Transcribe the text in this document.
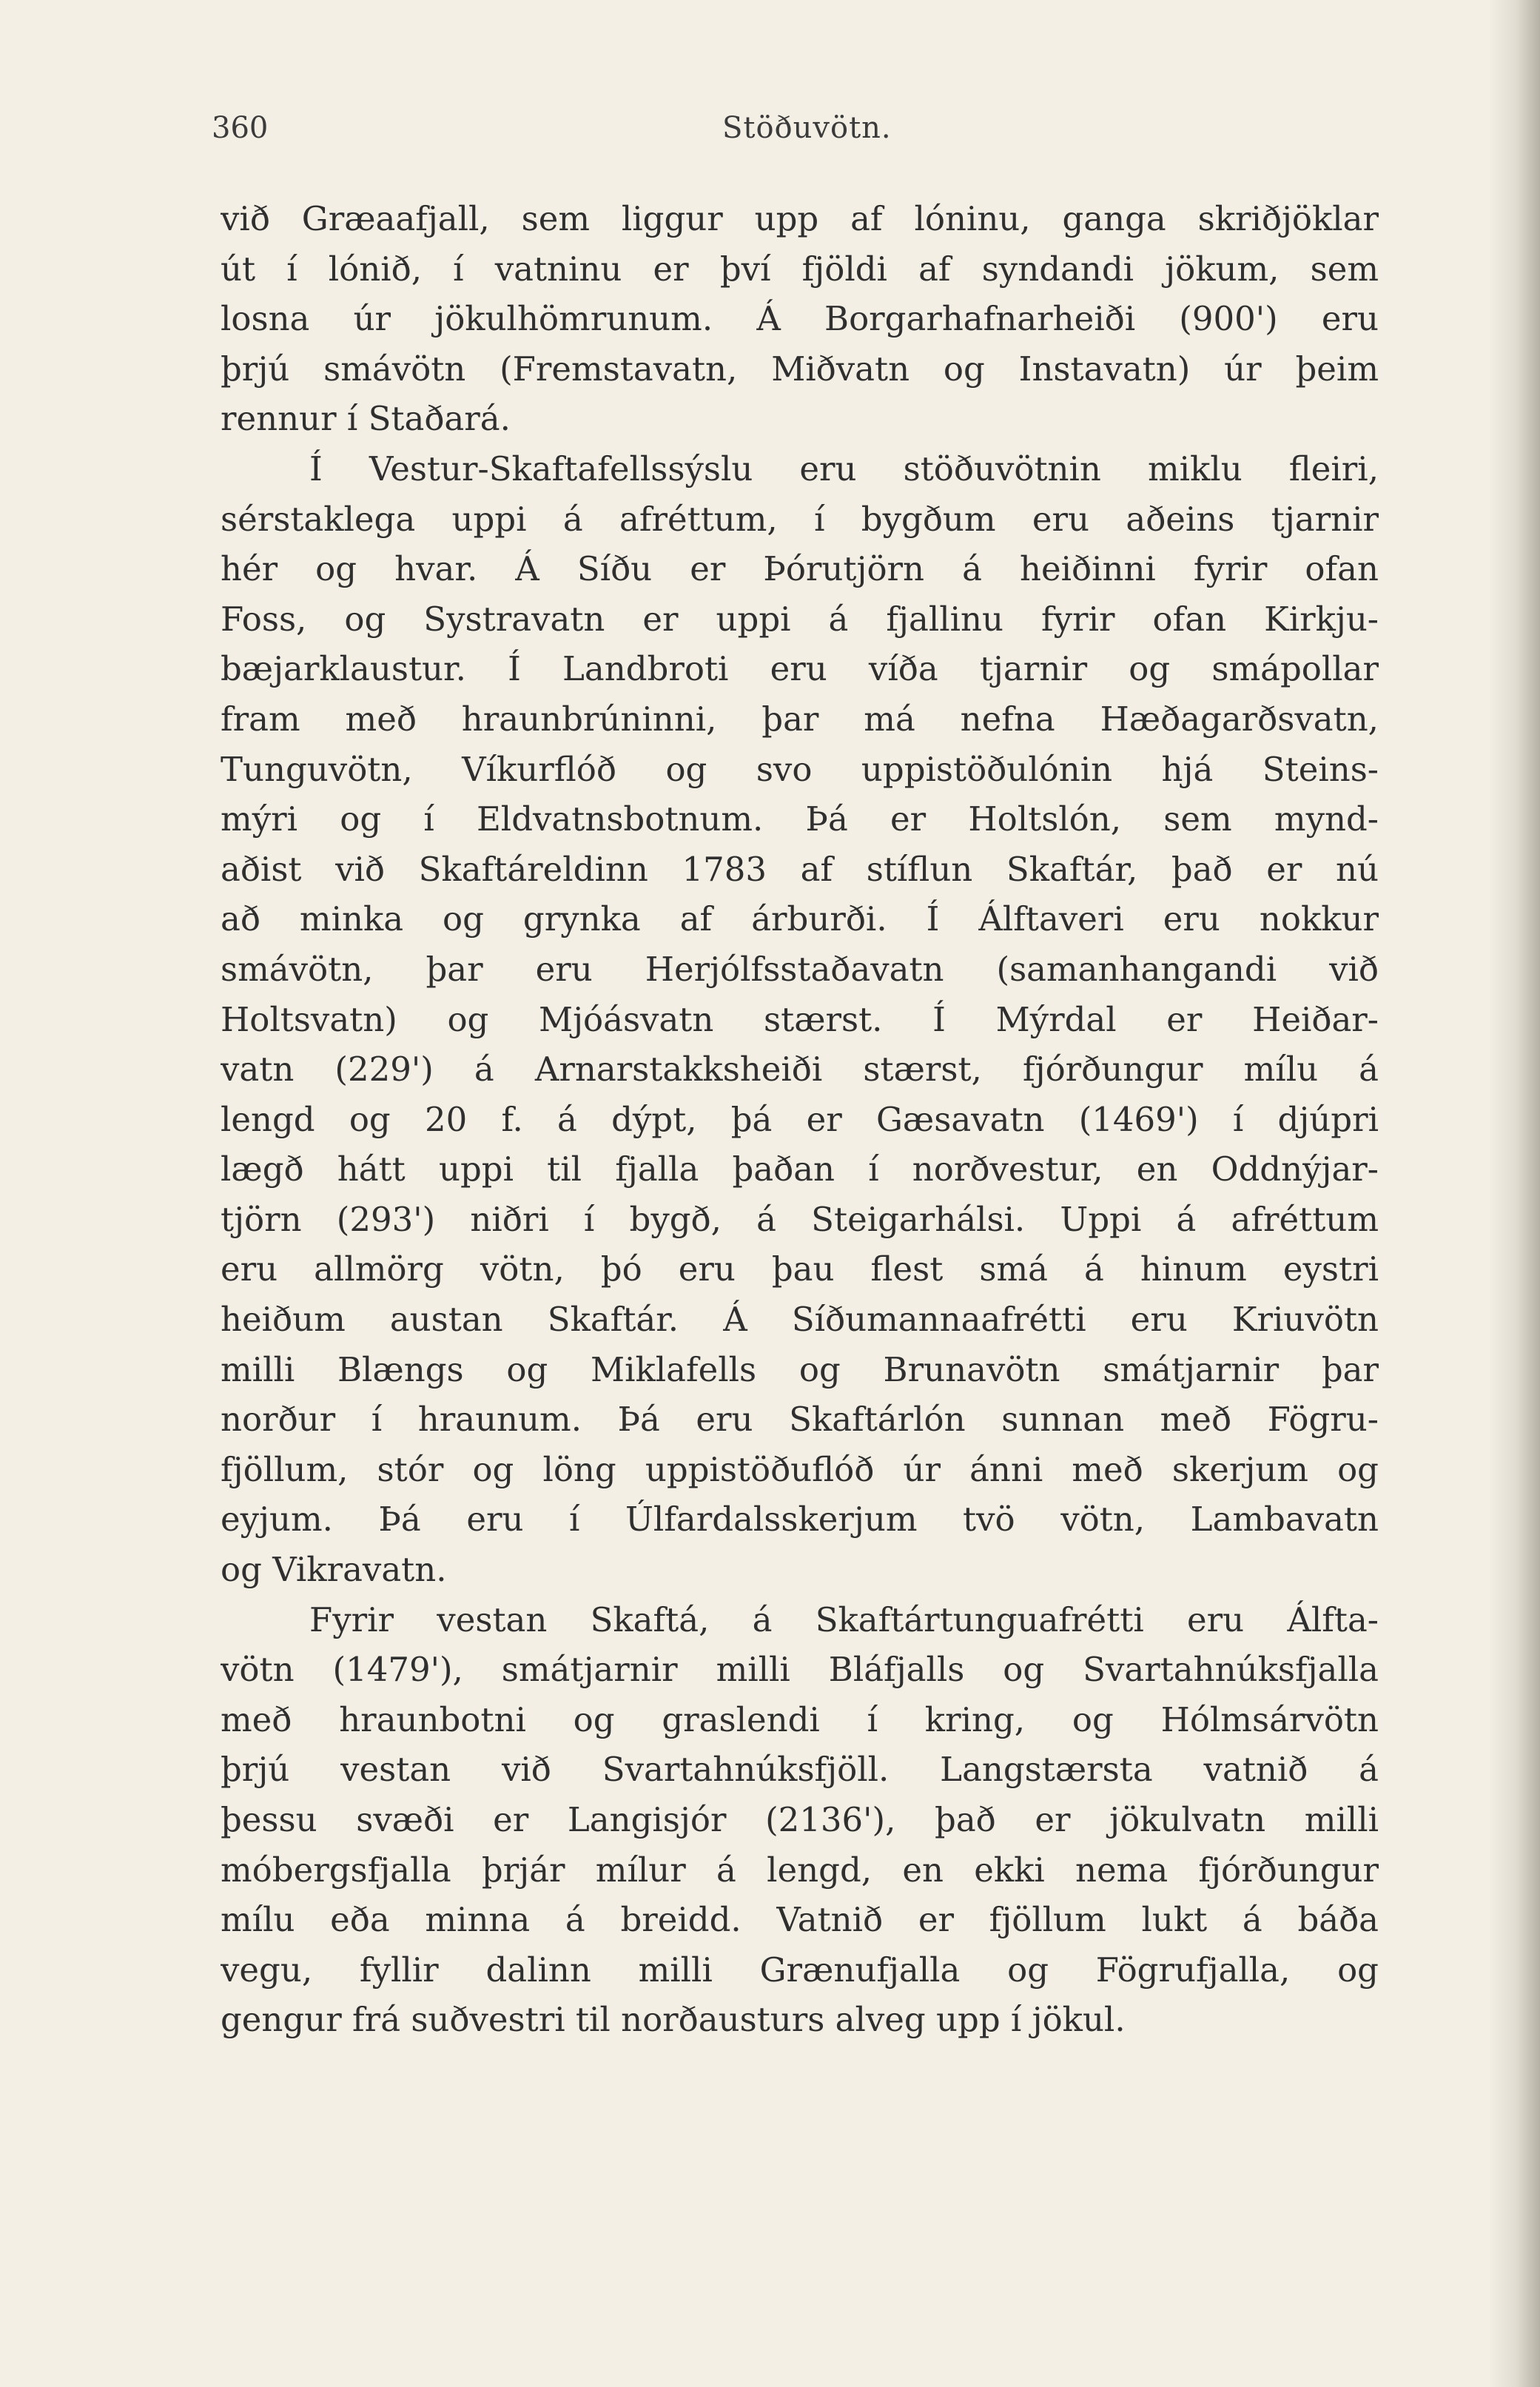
360	Stöðuvötn.
við Græaafjall, sem liggur upp af lóninu, ganga skriðjöklar
út í lónið, í vatninu er því fjöldi af syndandi jökum, sem
losna úr jökulhömrunum. Á Borgarhafnarheiði (900') eru
þrjú smávötn (Fremstavatn, Miðvatn og Instavatn) úr þeim
rennur í Staðará.
Í Vestur-Skaftafellssýslu eru stöðuvötnin miklu fleiri,
sérstaklega uppi á afréttum, í bygðum eru aðeins tjarnir
hér og hvar. Á Síðu er Þórutjörn á heiðinni fyrir ofan
Foss, og Systravatn er uppi á fjallinu fyrir ofan Kirkju-
bæjarklaustur. Í Landbroti eru víða tjarnir og smápollar
fram með hraunbrúninni, þar má nefna Hæðagarðsvatn,
Tunguvötn, Víkurflóð og svo uppistöðulónin hjá Steins-
mýri og í Eldvatnsbotnum. Þá er Holtslón, sem mynd-
aðist við Skaftáreldinn 1783 af stíflun Skaftár, það er nú
að minka og grynka af árburði. Í Álftaveri eru nokkur
smávötn, þar eru Herjólfsstaðavatn (samanhangandi við
Holtsvatn) og Mjóásvatn stærst. Í Mýrdal er Heiðar-
vatn (229') á Arnarstakksheiði stærst, fjórðungur mílu á
lengd og 20 f. á dýpt, þá er Gæsavatn (1469') í djúpri
lægð hátt uppi til fjalla þaðan í norðvestur, en Oddnýjar-
tjörn (293') niðri í bygð, á Steigarhálsi. Uppi á afréttum
eru allmörg vötn, þó eru þau flest smá á hinum eystri
heiðum austan Skaftár. Á Síðumannaafrétti eru Kriuvötn
milli Blængs og Miklafells og Brunavötn smátjarnir þar
norður í hraunum. Þá eru Skaftárlón sunnan með Fögru-
fjöllum, stór og löng uppistöðuflóð úr ánni með skerjum og
eyjum. Þá eru í Úlfardalsskerjum tvö vötn, Lambavatn
og Vikravatn.
Fyrir vestan Skaftá, á Skaftártunguafrétti eru Álfta-
vötn (1479'), smátjarnir milli Bláfjalls og Svartahnúksfjalla
með hraunbotni og graslendi í kring, og Hólmsárvötn
þrjú vestan við Svartahnúksfjöll. Langstærsta vatnið á
þessu svæði er Langisjór (2136'), það er jökulvatn milli
móbergsfjalla þrjár mílur á lengd, en ekki nema fjórðungur
mílu eða minna á breidd. Vatnið er fjöllum lukt á báða
vegu, fyllir dalinn milli Grænufjalla og Fögrufjalla, og
gengur frá suðvestri til norðausturs alveg upp í jökul.
